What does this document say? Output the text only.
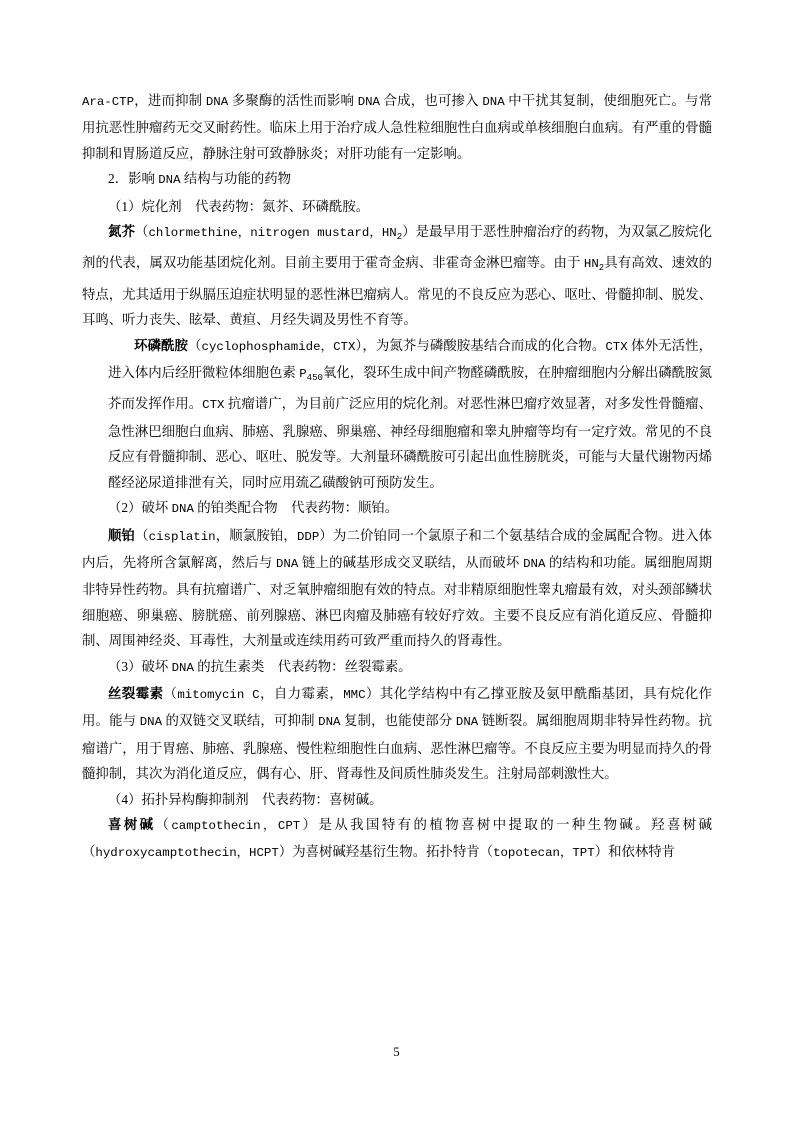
Ara-CTP，进而抑制 DNA 多聚酶的活性而影响 DNA 合成，也可掺入 DNA 中干扰其复制，使细胞死亡。与常用抗恶性肿瘤药无交叉耐药性。临床上用于治疗成人急性粒细胞性白血病或单核细胞白血病。有严重的骨髓抑制和胃肠道反应，静脉注射可致静脉炎；对肝功能有一定影响。

2．影响 DNA 结构与功能的药物

（1）烷化剂　代表药物：氮芥、环磷酰胺。

氮芥（chlormethine，nitrogen mustard，$HN_2$）是最早用于恶性肿瘤治疗的药物，为双氯乙胺烷化剂的代表，属双功能基团烷化剂。目前主要用于霍奇金病、非霍奇金淋巴瘤等。由于 $HN_2$具有高效、速效的特点，尤其适用于纵膈压迫症状明显的恶性淋巴瘤病人。常见的不良反应为恶心、呕吐、骨髓抑制、脱发、耳鸣、听力丧失、眩晕、黄疸、月经失调及男性不育等。

环磷酰胺（cyclophosphamide，CTX），为氮芥与磷酸胺基结合而成的化合物。CTX 体外无活性，进入体内后经肝微粒体细胞色素 $P_{450}$氧化，裂环生成中间产物醛磷酰胺，在肿瘤细胞内分解出磷酰胺氮芥而发挥作用。CTX 抗瘤谱广，为目前广泛应用的烷化剂。对恶性淋巴瘤疗效显著，对多发性骨髓瘤、急性淋巴细胞白血病、肺癌、乳腺癌、卵巢癌、神经母细胞瘤和睾丸肿瘤等均有一定疗效。常见的不良反应有骨髓抑制、恶心、呕吐、脱发等。大剂量环磷酰胺可引起出血性膀胱炎，可能与大量代谢物丙烯醛经泌尿道排泄有关，同时应用巯乙磺酸钠可预防发生。

（2）破坏 DNA 的铂类配合物　代表药物：顺铂。

顺铂（cisplatin，顺氯胺铂，DDP）为二价铂同一个氯原子和二个氨基结合成的金属配合物。进入体内后，先将所含氯解离，然后与 DNA 链上的碱基形成交叉联结，从而破坏 DNA 的结构和功能。属细胞周期非特异性药物。具有抗瘤谱广、对乏氧肿瘤细胞有效的特点。对非精原细胞性睾丸瘤最有效，对头颈部鳞状细胞癌、卵巢癌、膀胱癌、前列腺癌、淋巴肉瘤及肺癌有较好疗效。主要不良反应有消化道反应、骨髓抑制、周围神经炎、耳毒性，大剂量或连续用药可致严重而持久的肾毒性。

（3）破坏 DNA 的抗生素类　代表药物：丝裂霉素。

丝裂霉素（mitomycin C，自力霉素，MMC）其化学结构中有乙撑亚胺及氨甲酰酯基团，具有烷化作用。能与 DNA 的双链交叉联结，可抑制 DNA 复制，也能使部分 DNA 链断裂。属细胞周期非特异性药物。抗瘤谱广，用于胃癌、肺癌、乳腺癌、慢性粒细胞性白血病、恶性淋巴瘤等。不良反应主要为明显而持久的骨髓抑制，其次为消化道反应，偶有心、肝、肾毒性及间质性肺炎发生。注射局部刺激性大。

（4）拓扑异构酶抑制剂　代表药物：喜树碱。

喜树碱（camptothecin，CPT）是从我国特有的植物喜树中提取的一种生物碱。羟喜树碱（hydroxycamptothecin，HCPT）为喜树碱羟基衍生物。拓扑特肯（topotecan，TPT）和依林特肯

5
